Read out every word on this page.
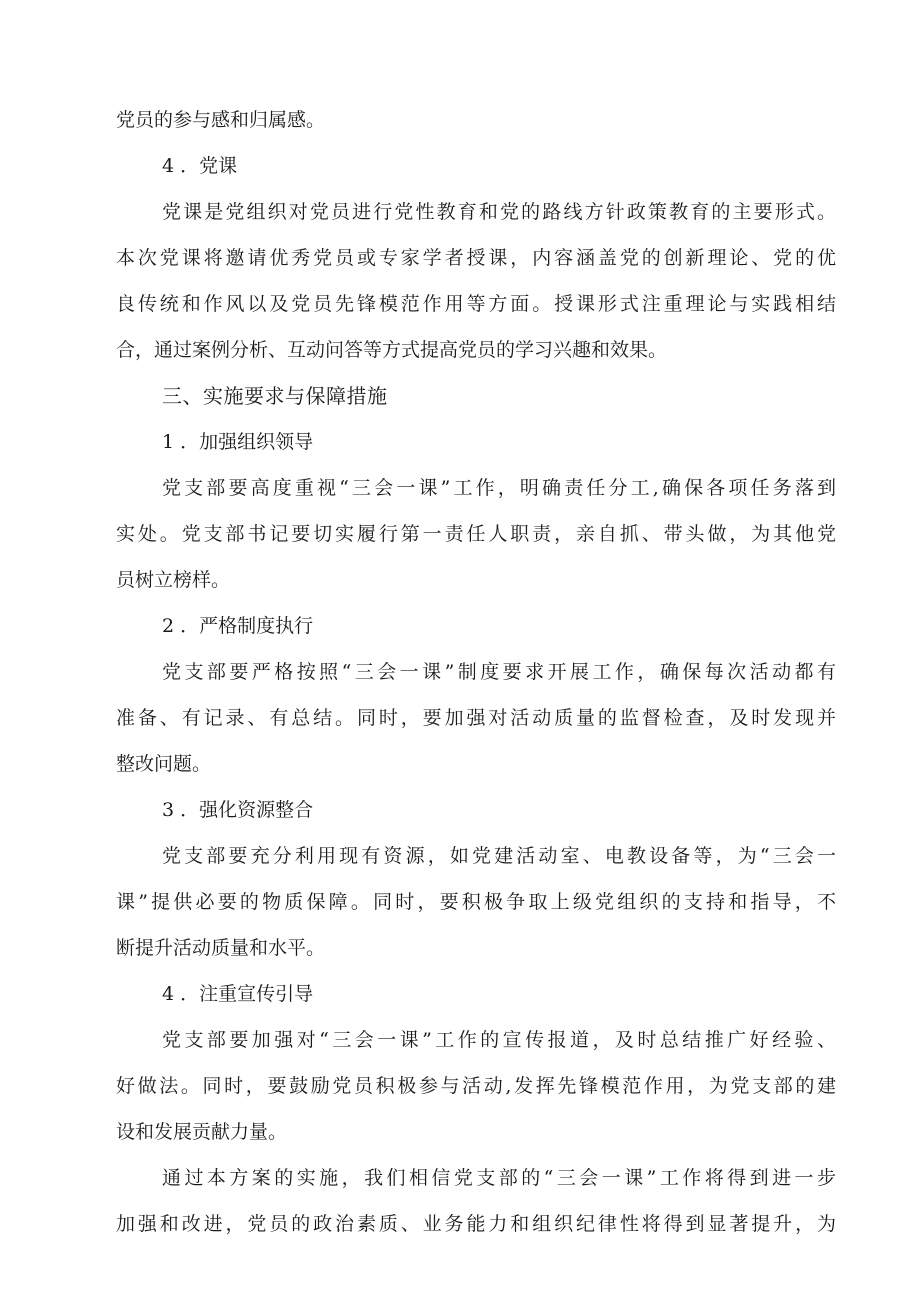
党员的参与感和归属感。
4 ．党课
党课是党组织对党员进行党性教育和党的路线方针政策教育的主要形式。
本次党课将邀请优秀党员或专家学者授课，内容涵盖党的创新理论、党的优
良传统和作风以及党员先锋模范作用等方面。授课形式注重理论与实践相结
合，通过案例分析、互动问答等方式提高党员的学习兴趣和效果。
三、实施要求与保障措施
1 ．加强组织领导
党支部要高度重视“三会一课”工作，明确责任分工,确保各项任务落到
实处。党支部书记要切实履行第一责任人职责，亲自抓、带头做，为其他党
员树立榜样。
2 ．严格制度执行
党支部要严格按照“三会一课”制度要求开展工作，确保每次活动都有
准备、有记录、有总结。同时，要加强对活动质量的监督检查，及时发现并
整改问题。
3 ．强化资源整合
党支部要充分利用现有资源，如党建活动室、电教设备等，为“三会一
课”提供必要的物质保障。同时，要积极争取上级党组织的支持和指导，不
断提升活动质量和水平。
4 ．注重宣传引导
党支部要加强对“三会一课”工作的宣传报道，及时总结推广好经验、
好做法。同时，要鼓励党员积极参与活动,发挥先锋模范作用，为党支部的建
设和发展贡献力量。
通过本方案的实施，我们相信党支部的“三会一课”工作将得到进一步
加强和改进，党员的政治素质、业务能力和组织纪律性将得到显著提升，为
